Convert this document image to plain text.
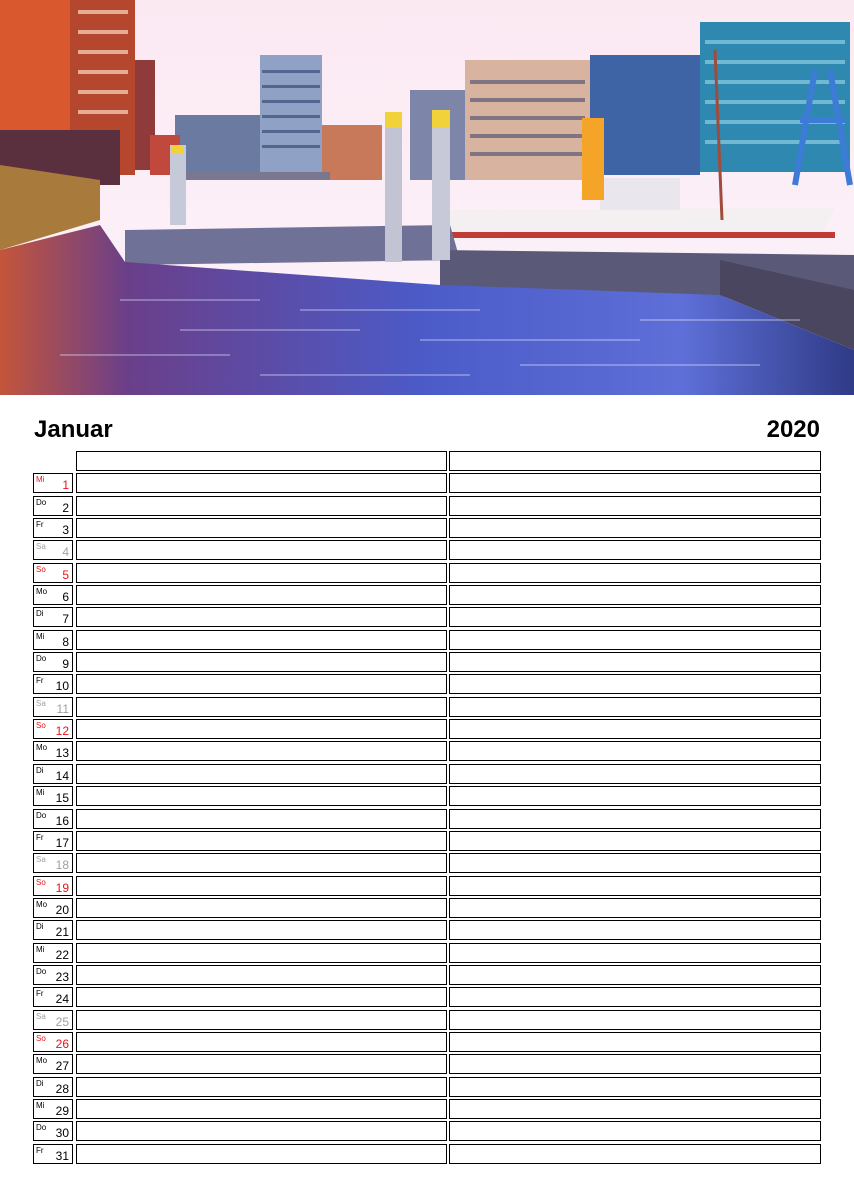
Januar	2020
Mi 1
Do 2
Fr 3
Sa 4
So 5
Mo 6
Di 7
Mi 8
Do 9
Fr 10
Sa 11
So 12
Mo 13
Di 14
Mi 15
Do 16
Fr 17
Sa 18
So 19
Mo 20
Di 21
Mi 22
Do 23
Fr 24
Sa 25
So 26
Mo 27
Di 28
Mi 29
Do 30
Fr 31
